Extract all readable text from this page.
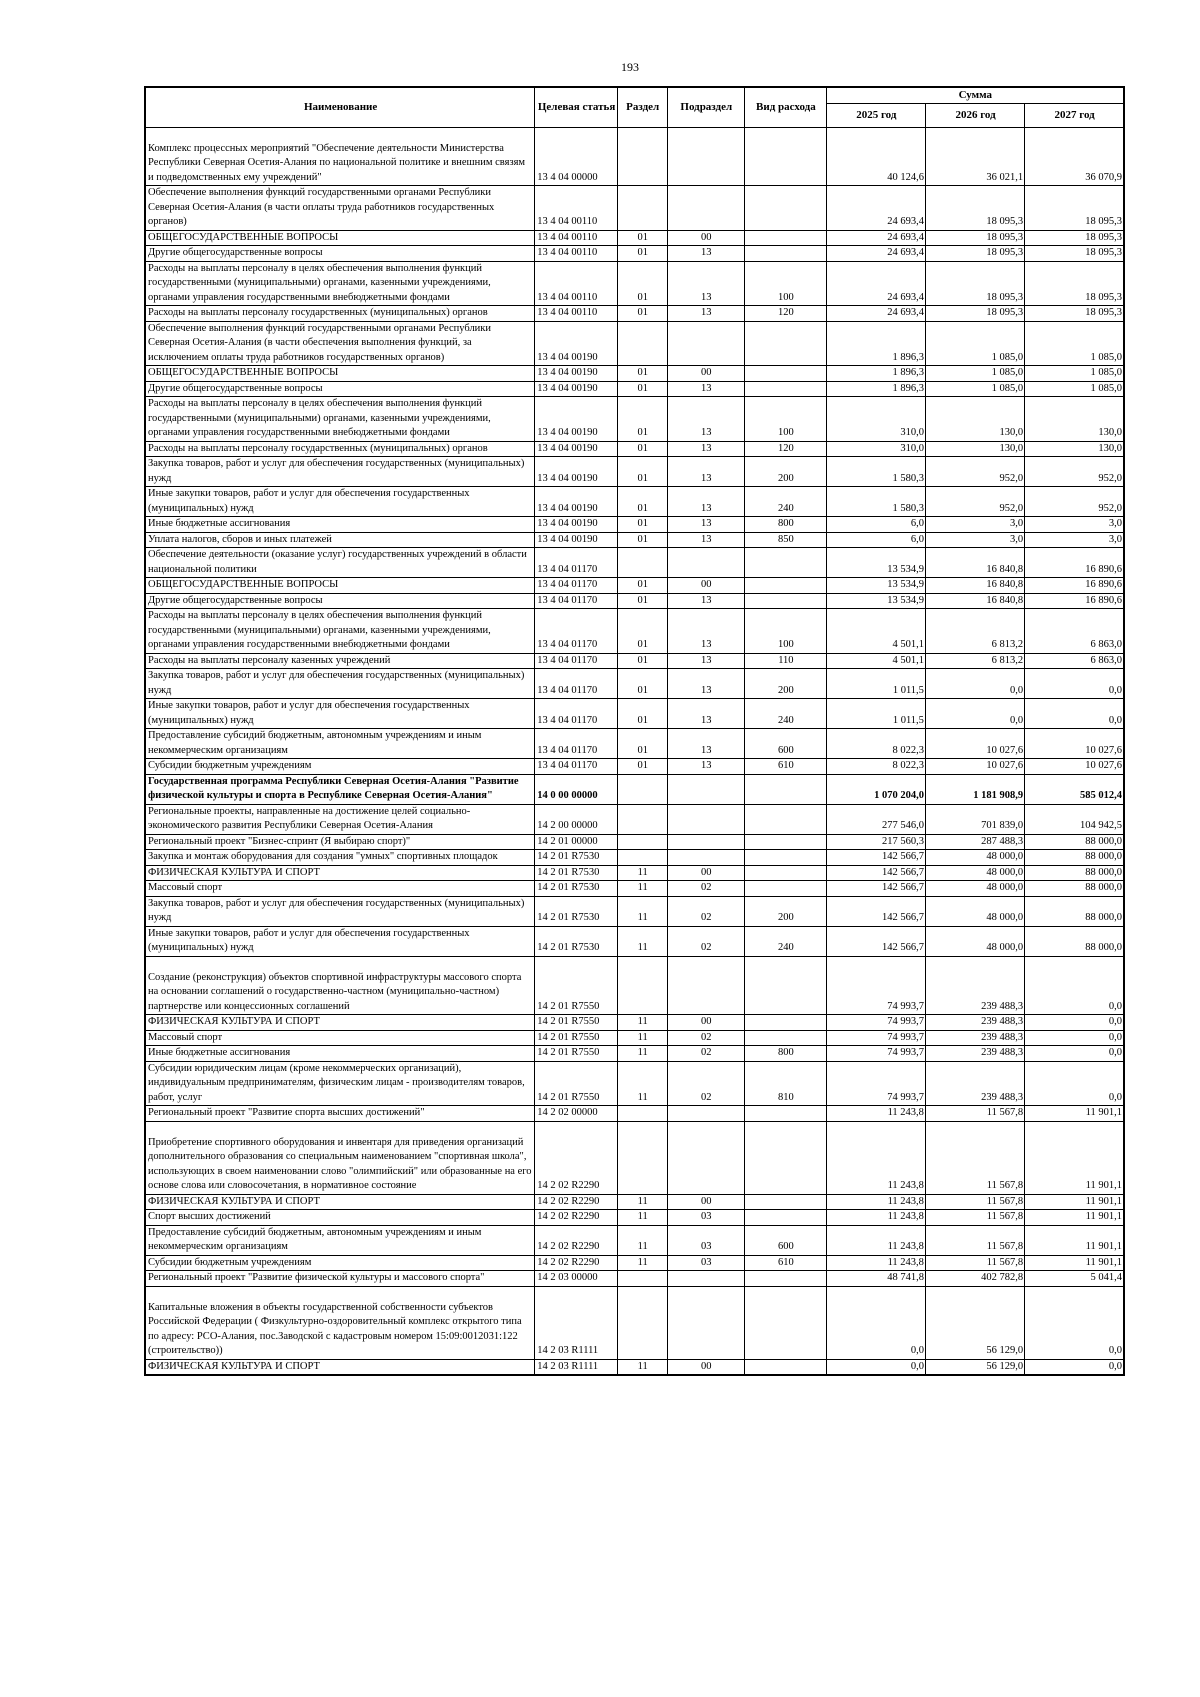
193
Наименование	Целевая статья	Раздел	Подраздел	Вид расхода	Сумма		
					2025 год	2026 год	2027 год
Комплекс процессных мероприятий "Обеспечение деятельности Министерства Республики Северная Осетия-Алания по национальной политике и внешним связям и подведомственных ему учреждений"	13 4 04 00000				40 124,6	36 021,1	36 070,9
Обеспечение выполнения функций государственными органами Республики Северная Осетия-Алания (в части оплаты труда работников государственных органов)	13 4 04 00110				24 693,4	18 095,3	18 095,3
ОБЩЕГОСУДАРСТВЕННЫЕ ВОПРОСЫ	13 4 04 00110	01	00		24 693,4	18 095,3	18 095,3
Другие общегосударственные вопросы	13 4 04 00110	01	13		24 693,4	18 095,3	18 095,3
Расходы на выплаты персоналу в целях обеспечения выполнения функций государственными (муниципальными) органами, казенными учреждениями, органами управления государственными внебюджетными фондами	13 4 04 00110	01	13	100	24 693,4	18 095,3	18 095,3
Расходы на выплаты персоналу государственных (муниципальных) органов	13 4 04 00110	01	13	120	24 693,4	18 095,3	18 095,3
Обеспечение выполнения функций государственными органами Республики Северная Осетия-Алания (в части обеспечения выполнения функций, за исключением оплаты труда работников государственных органов)	13 4 04 00190				1 896,3	1 085,0	1 085,0
ОБЩЕГОСУДАРСТВЕННЫЕ ВОПРОСЫ	13 4 04 00190	01	00		1 896,3	1 085,0	1 085,0
Другие общегосударственные вопросы	13 4 04 00190	01	13		1 896,3	1 085,0	1 085,0
Расходы на выплаты персоналу в целях обеспечения выполнения функций государственными (муниципальными) органами, казенными учреждениями, органами управления государственными внебюджетными фондами	13 4 04 00190	01	13	100	310,0	130,0	130,0
Расходы на выплаты персоналу государственных (муниципальных) органов	13 4 04 00190	01	13	120	310,0	130,0	130,0
Закупка товаров, работ и услуг для обеспечения государственных (муниципальных) нужд	13 4 04 00190	01	13	200	1 580,3	952,0	952,0
Иные закупки товаров, работ и услуг для обеспечения государственных (муниципальных) нужд	13 4 04 00190	01	13	240	1 580,3	952,0	952,0
Иные бюджетные ассигнования	13 4 04 00190	01	13	800	6,0	3,0	3,0
Уплата налогов, сборов и иных платежей	13 4 04 00190	01	13	850	6,0	3,0	3,0
Обеспечение деятельности (оказание услуг) государственных учреждений в области национальной политики	13 4 04 01170				13 534,9	16 840,8	16 890,6
ОБЩЕГОСУДАРСТВЕННЫЕ ВОПРОСЫ	13 4 04 01170	01	00		13 534,9	16 840,8	16 890,6
Другие общегосударственные вопросы	13 4 04 01170	01	13		13 534,9	16 840,8	16 890,6
Расходы на выплаты персоналу в целях обеспечения выполнения функций государственными (муниципальными) органами, казенными учреждениями, органами управления государственными внебюджетными фондами	13 4 04 01170	01	13	100	4 501,1	6 813,2	6 863,0
Расходы на выплаты персоналу казенных учреждений	13 4 04 01170	01	13	110	4 501,1	6 813,2	6 863,0
Закупка товаров, работ и услуг для обеспечения государственных (муниципальных) нужд	13 4 04 01170	01	13	200	1 011,5	0,0	0,0
Иные закупки товаров, работ и услуг для обеспечения государственных (муниципальных) нужд	13 4 04 01170	01	13	240	1 011,5	0,0	0,0
Предоставление субсидий бюджетным, автономным учреждениям и иным некоммерческим организациям	13 4 04 01170	01	13	600	8 022,3	10 027,6	10 027,6
Субсидии бюджетным учреждениям	13 4 04 01170	01	13	610	8 022,3	10 027,6	10 027,6
Государственная программа Республики Северная Осетия-Алания "Развитие физической культуры и спорта в Республике Северная Осетия-Алания"	14 0 00 00000				1 070 204,0	1 181 908,9	585 012,4
Региональные проекты, направленные на достижение целей социально-экономического развития Республики Северная Осетия-Алания	14 2 00 00000				277 546,0	701 839,0	104 942,5
Региональный проект "Бизнес-спринт (Я выбираю спорт)"	14 2 01 00000				217 560,3	287 488,3	88 000,0
Закупка и монтаж оборудования для создания "умных" спортивных площадок	14 2 01 R7530				142 566,7	48 000,0	88 000,0
ФИЗИЧЕСКАЯ КУЛЬТУРА И СПОРТ	14 2 01 R7530	11	00		142 566,7	48 000,0	88 000,0
Массовый спорт	14 2 01 R7530	11	02		142 566,7	48 000,0	88 000,0
Закупка товаров, работ и услуг для обеспечения государственных (муниципальных) нужд	14 2 01 R7530	11	02	200	142 566,7	48 000,0	88 000,0
Иные закупки товаров, работ и услуг для обеспечения государственных (муниципальных) нужд	14 2 01 R7530	11	02	240	142 566,7	48 000,0	88 000,0
Создание (реконструкция) объектов спортивной инфраструктуры массового спорта на основании соглашений о государственно-частном (муниципально-частном) партнерстве или концессионных соглашений	14 2 01 R7550				74 993,7	239 488,3	0,0
ФИЗИЧЕСКАЯ КУЛЬТУРА И СПОРТ	14 2 01 R7550	11	00		74 993,7	239 488,3	0,0
Массовый спорт	14 2 01 R7550	11	02		74 993,7	239 488,3	0,0
Иные бюджетные ассигнования	14 2 01 R7550	11	02	800	74 993,7	239 488,3	0,0
Субсидии юридическим лицам (кроме некоммерческих организаций), индивидуальным предпринимателям, физическим лицам - производителям товаров, работ, услуг	14 2 01 R7550	11	02	810	74 993,7	239 488,3	0,0
Региональный проект "Развитие спорта высших достижений"	14 2 02 00000				11 243,8	11 567,8	11 901,1
Приобретение спортивного оборудования и инвентаря для приведения организаций дополнительного образования со специальным наименованием "спортивная школа", использующих в своем наименовании слово "олимпийский" или образованные на его основе слова или словосочетания, в нормативное состояние	14 2 02 R2290				11 243,8	11 567,8	11 901,1
ФИЗИЧЕСКАЯ КУЛЬТУРА И СПОРТ	14 2 02 R2290	11	00		11 243,8	11 567,8	11 901,1
Спорт высших достижений	14 2 02 R2290	11	03		11 243,8	11 567,8	11 901,1
Предоставление субсидий бюджетным, автономным учреждениям и иным некоммерческим организациям	14 2 02 R2290	11	03	600	11 243,8	11 567,8	11 901,1
Субсидии бюджетным учреждениям	14 2 02 R2290	11	03	610	11 243,8	11 567,8	11 901,1
Региональный проект "Развитие физической культуры и массового спорта"	14 2 03 00000				48 741,8	402 782,8	5 041,4
Капитальные вложения в объекты государственной собственности субъектов Российской Федерации ( Физкультурно-оздоровительный комплекс открытого типа по адресу: РСО-Алания, пос.Заводской с кадастровым номером 15:09:0012031:122 (строительство))	14 2 03 R1111				0,0	56 129,0	0,0
ФИЗИЧЕСКАЯ КУЛЬТУРА И СПОРТ	14 2 03 R1111	11	00		0,0	56 129,0	0,0
